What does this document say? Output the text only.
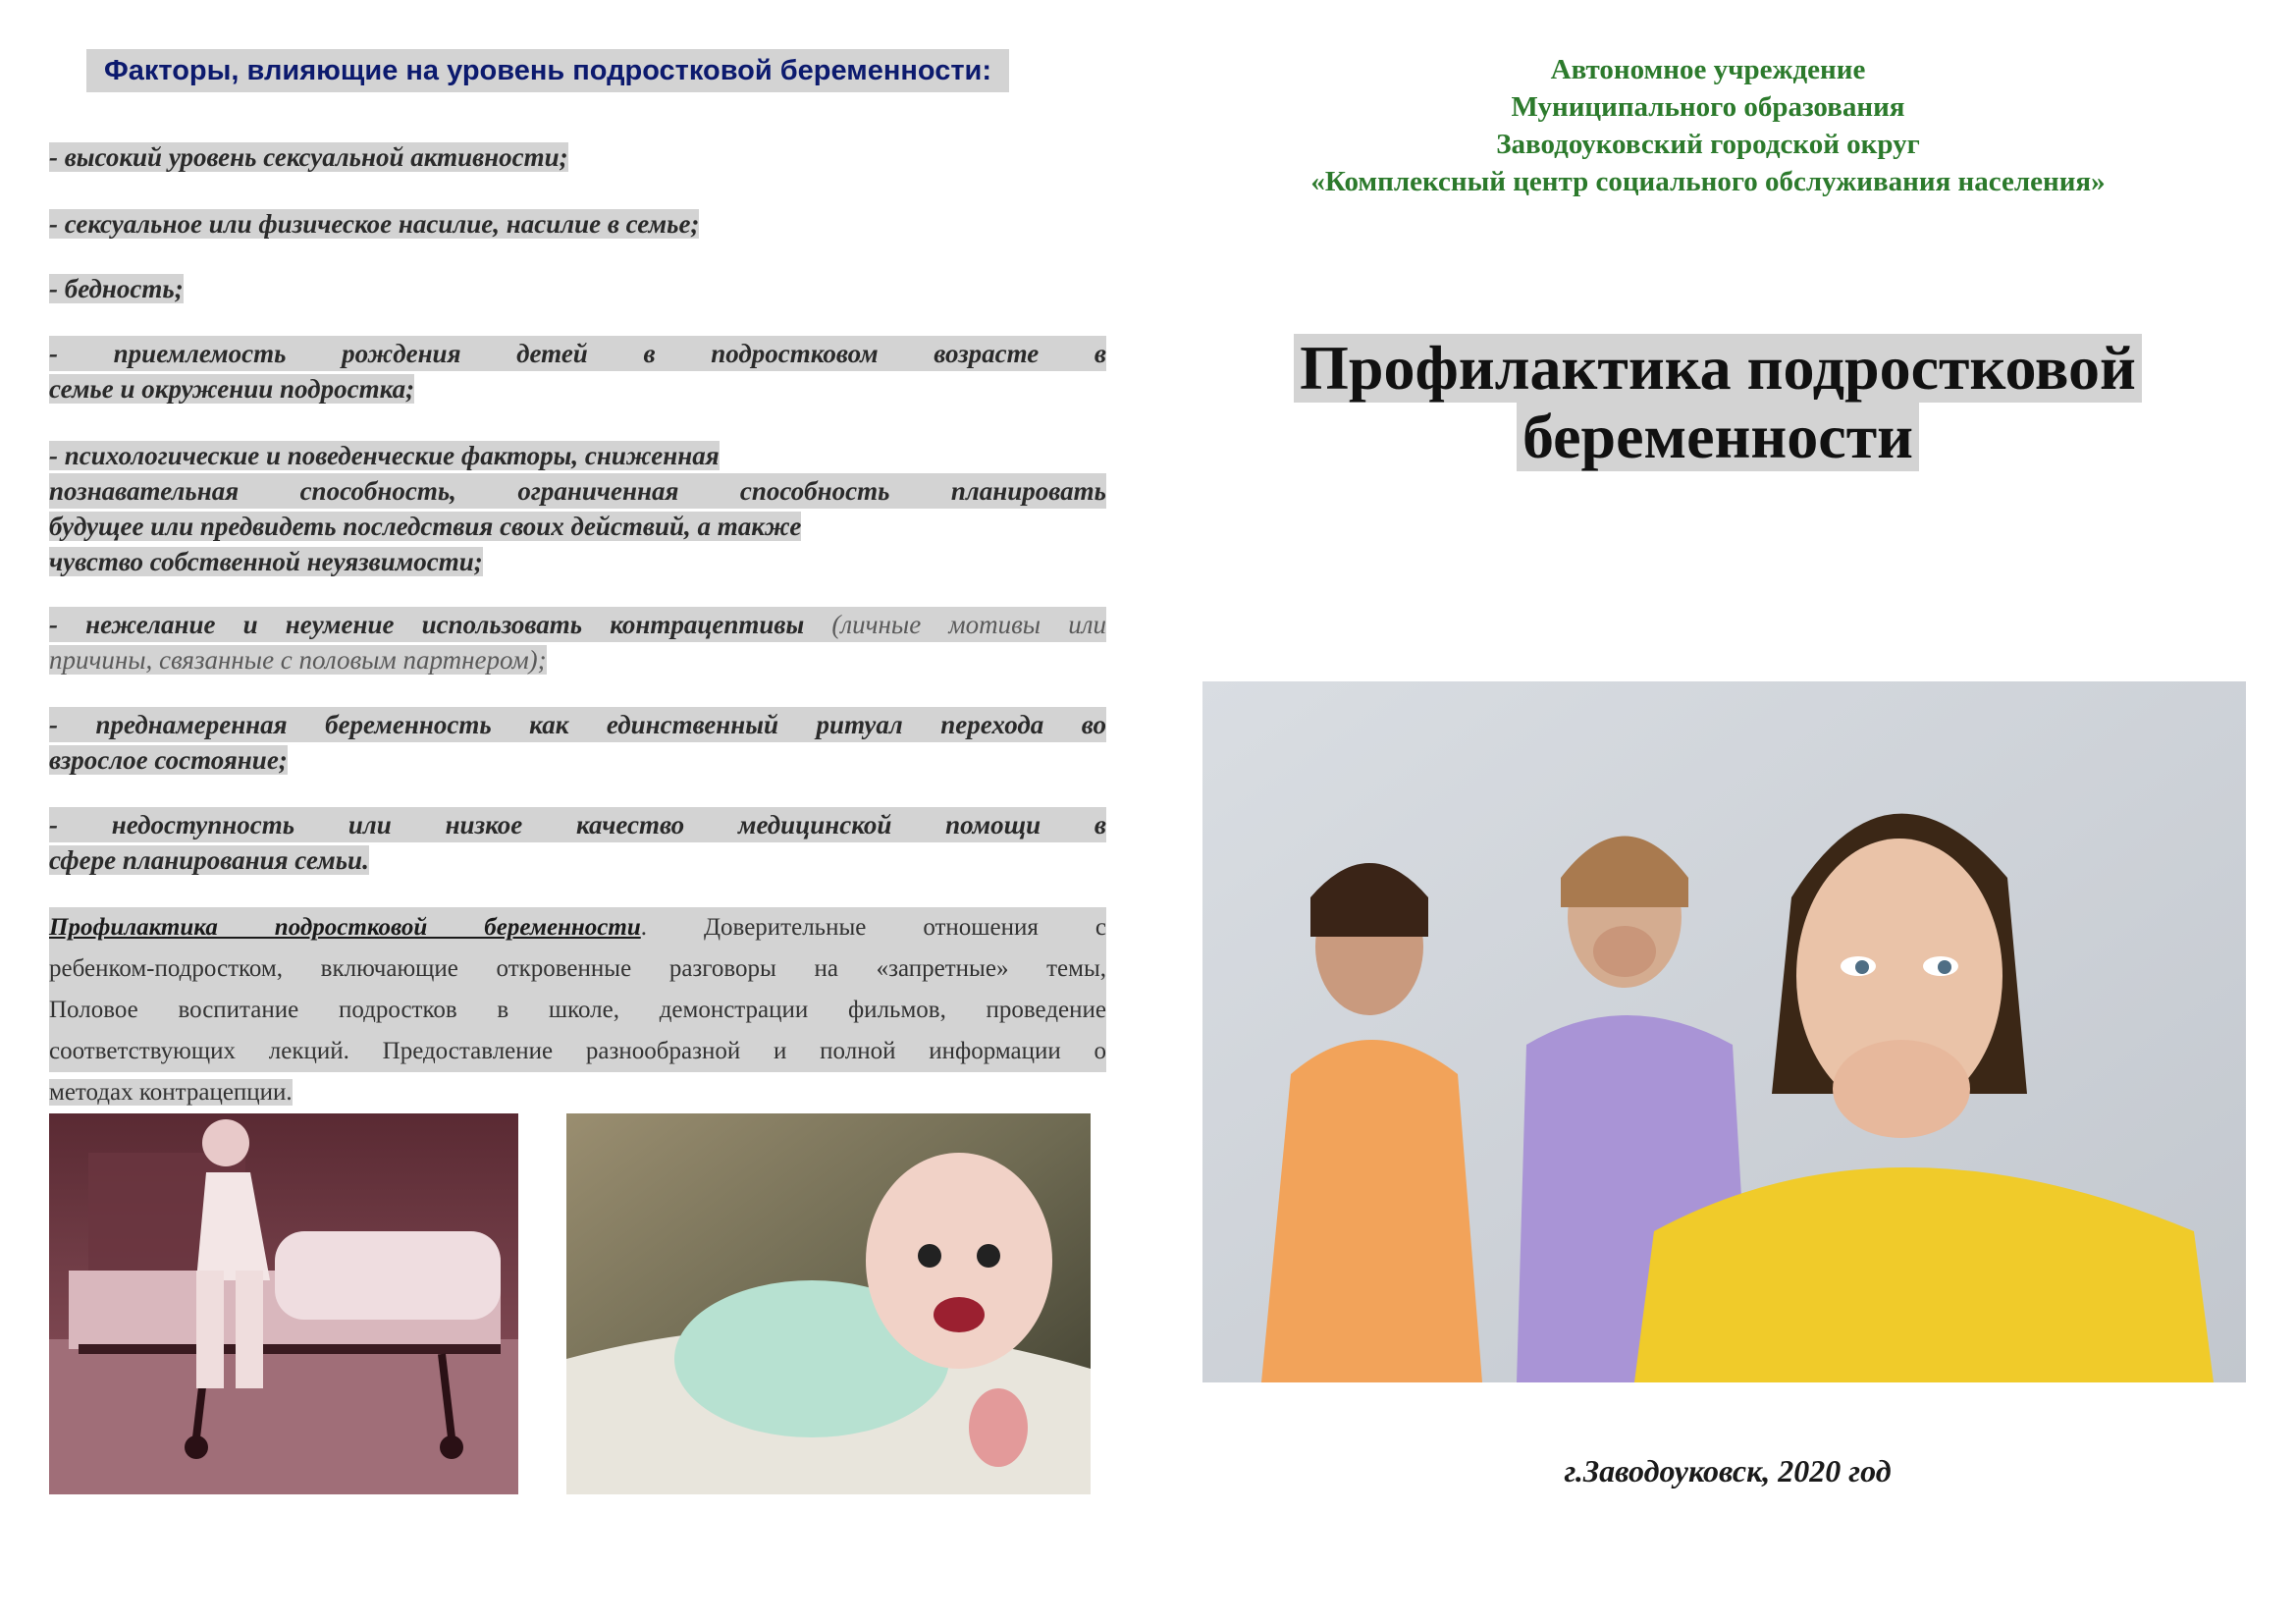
Факторы, влияющие на уровень подростковой беременности:

- высокий уровень сексуальной активности;

- сексуальное или физическое насилие, насилие в семье;

- бедность;

- приемлемость рождения детей в подростковом возрасте в
семье и окружении подростка;

- психологические и поведенческие факторы, сниженная
познавательная способность, ограниченная способность планировать
будущее или предвидеть последствия своих действий, а также
чувство собственной неуязвимости;

- нежелание и неумение использовать контрацептивы (личные мотивы или
причины, связанные с половым партнером);

- преднамеренная беременность как единственный ритуал перехода во
взрослое состояние;

- недоступность или низкое качество медицинской помощи в
сфере планирования семьи.

Профилактика подростковой беременности. Доверительные отношения с
ребенком-подростком, включающие откровенные разговоры на «запретные» темы,
Половое воспитание подростков в школе, демонстрации фильмов, проведение
соответствующих лекций. Предоставление разнообразной и полной информации о
методах контрацепции.
Автономное учреждение
Муниципального образования
Заводоуковский городской округ
«Комплексный центр социального обслуживания населения»
Профилактика подростковой
беременности
г.Заводоуковск, 2020 год
